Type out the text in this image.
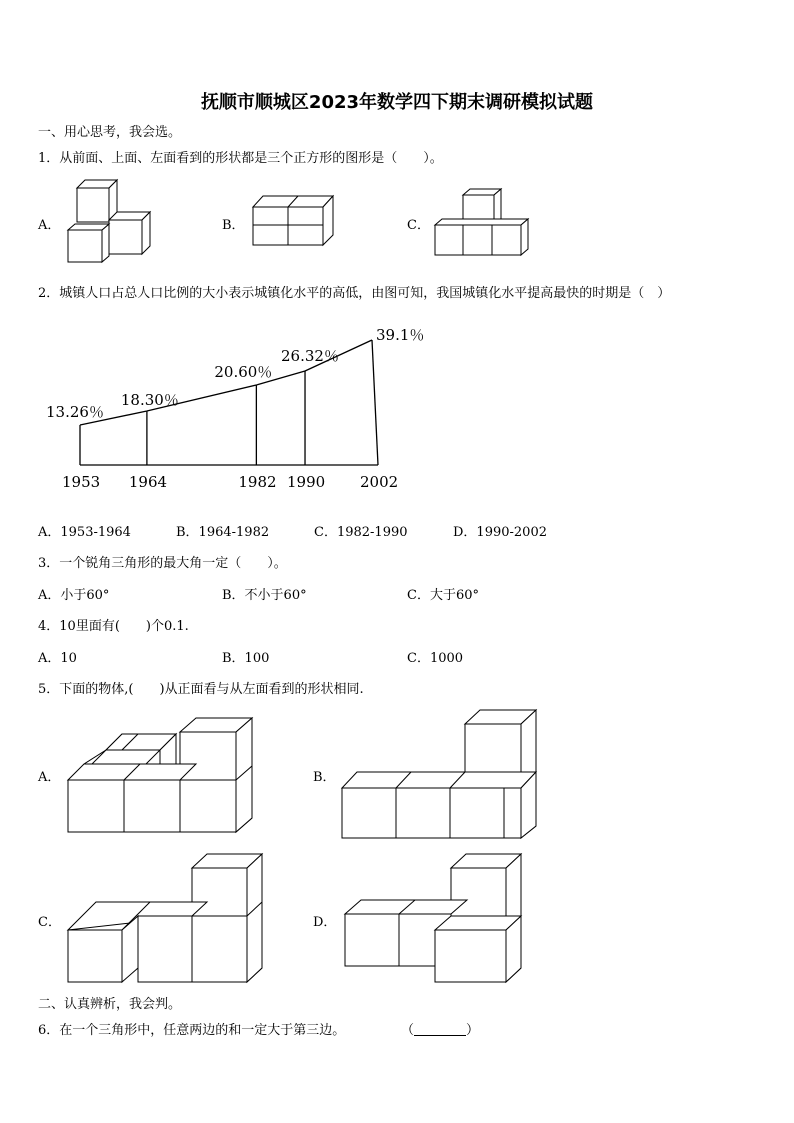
抚顺市顺城区2023年数学四下期末调研模拟试题
一、用心思考，我会选。
1．从前面、上面、左面看到的形状都是三个正方形的图形是（　　）。
A．	B．	C．
2．城镇人口占总人口比例的大小表示城镇化水平的高低，由图可知，我国城镇化水平提高最快的时期是（　）
13.26％
18.30％
20.60％
26.32％
39.1％
1953 1964	1982 1990 2002
A．1953-1964	B．1964-1982	C．1982-1990	D．1990-2002
3．一个锐角三角形的最大角一定（　　）。
A．小于60°	B．不小于60°	C．大于60°
4．10里面有(　　)个0.1.
A．10	B．100	C．1000
5．下面的物体,(　　)从正面看与从左面看到的形状相同.
A．	B．
C．	D．
二、认真辨析，我会判。
6．在一个三角形中，任意两边的和一定大于第三边。	（	）
